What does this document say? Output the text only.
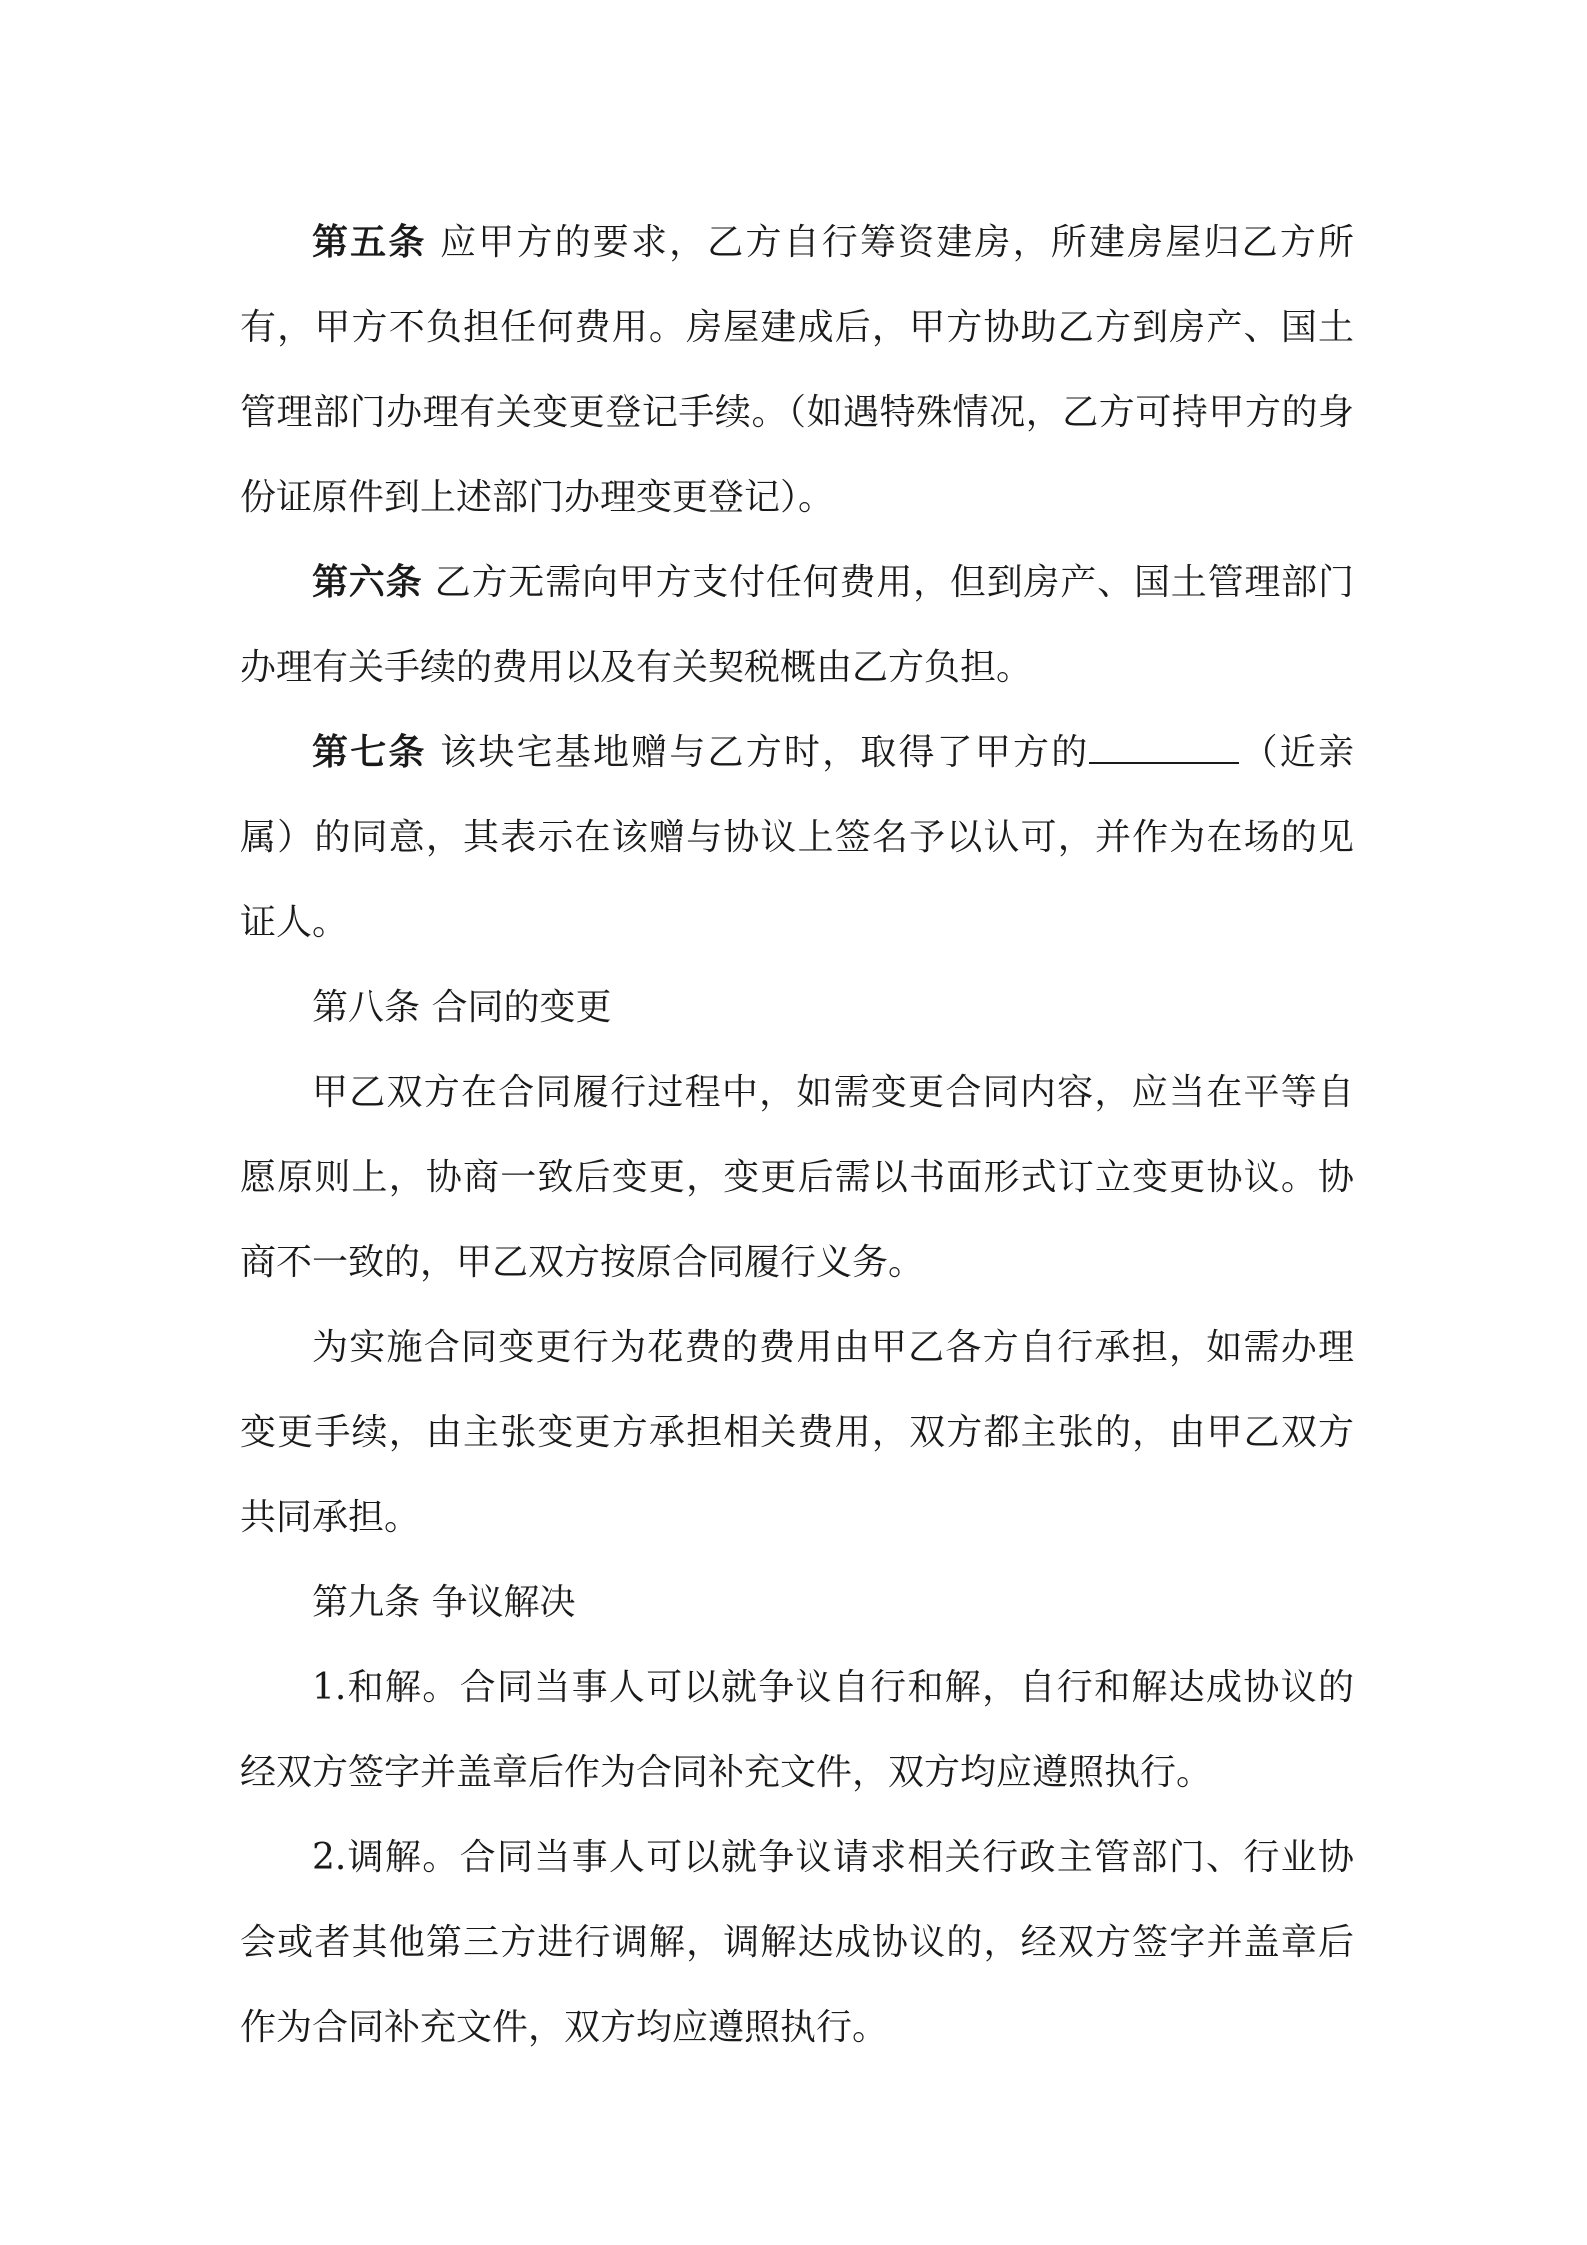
第五条 应甲方的要求，乙方自行筹资建房，所建房屋归乙方所有，甲方不负担任何费用。房屋建成后，甲方协助乙方到房产、国土管理部门办理有关变更登记手续。（如遇特殊情况，乙方可持甲方的身份证原件到上述部门办理变更登记）。

第六条 乙方无需向甲方支付任何费用，但到房产、国土管理部门办理有关手续的费用以及有关契税概由乙方负担。

第七条 该块宅基地赠与乙方时，取得了甲方的	（近亲属）的同意，其表示在该赠与协议上签名予以认可，并作为在场的见证人。

第八条 合同的变更

甲乙双方在合同履行过程中，如需变更合同内容，应当在平等自愿原则上，协商一致后变更，变更后需以书面形式订立变更协议。协商不一致的，甲乙双方按原合同履行义务。

为实施合同变更行为花费的费用由甲乙各方自行承担，如需办理变更手续，由主张变更方承担相关费用，双方都主张的，由甲乙双方共同承担。

第九条 争议解决

1.和解。合同当事人可以就争议自行和解，自行和解达成协议的经双方签字并盖章后作为合同补充文件，双方均应遵照执行。

2.调解。合同当事人可以就争议请求相关行政主管部门、行业协会或者其他第三方进行调解，调解达成协议的，经双方签字并盖章后作为合同补充文件，双方均应遵照执行。
